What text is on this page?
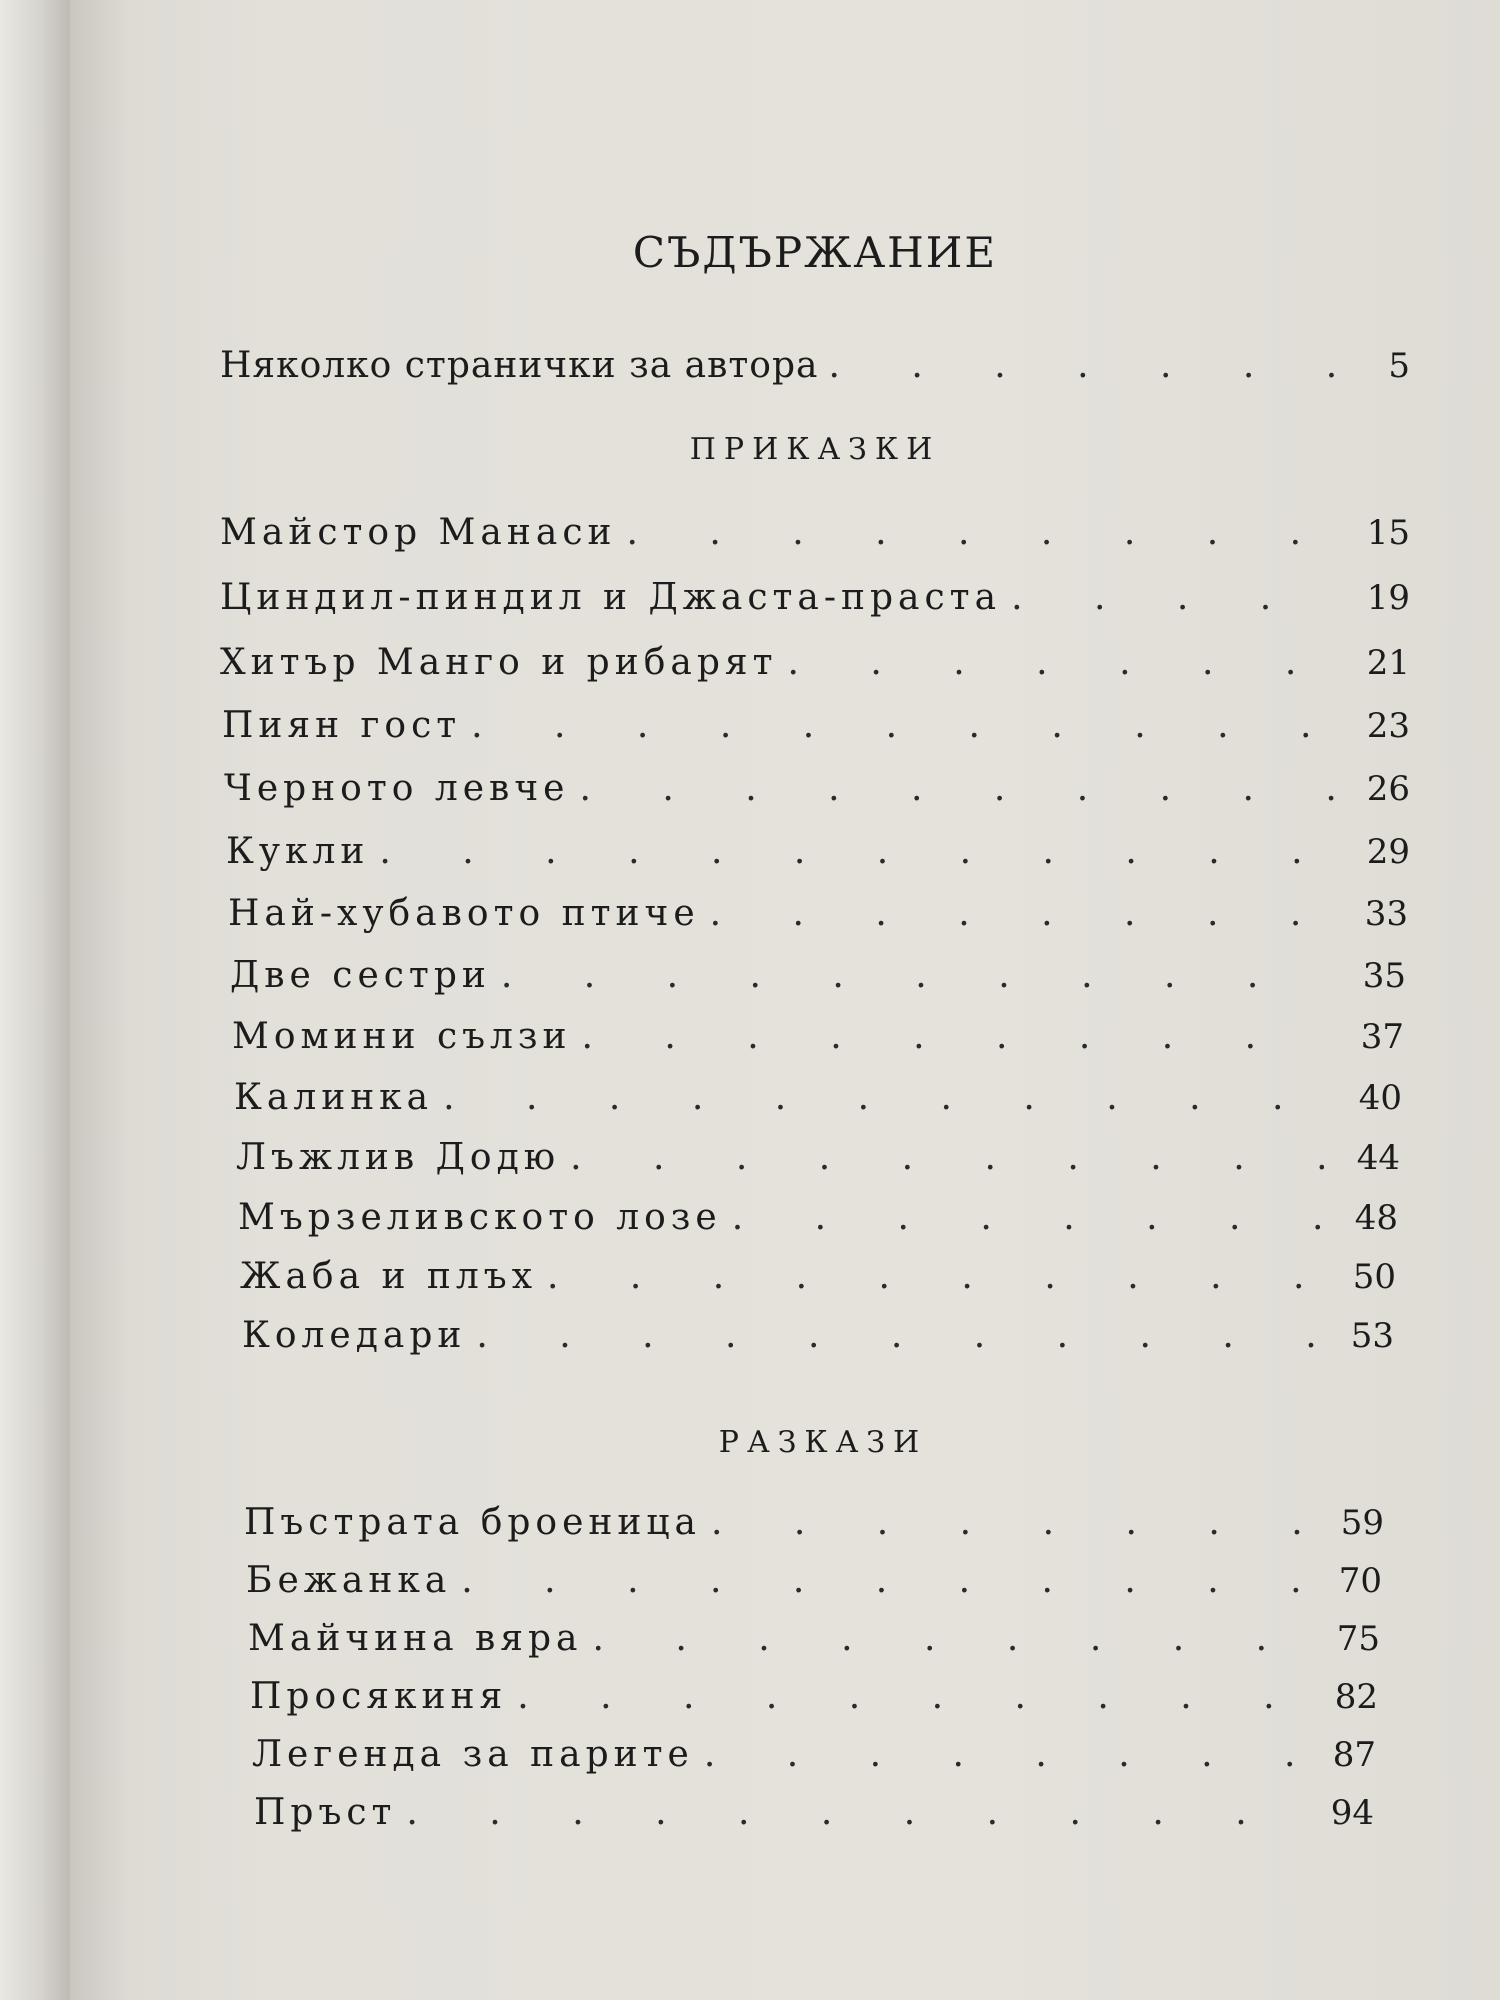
СЪДЪРЖАНИЕ
Няколко странички за автора . . .	5
ПРИКАЗКИ
Майстор Манаси . . .	15
Циндил-пиндил и Джаста-праста . . .	19
Хитър Манго и рибарят . . .	21
Пиян гост . . .	23
Черното левче . . .	26
Кукли . . .	29
Най-хубавото птиче . . .	33
Две сестри . . .	35
Момини сълзи . . .	37
Калинка . . .	40
Лъжлив Додю . . .	44
Мързеливското лозе . . .	48
Жаба и плъх . . .	50
Коледари . . .	53
РАЗКАЗИ
Пъстрата броеница . . .	59
Бежанка . . .	70
Майчина вяра . . .	75
Просякиня . . .	82
Легенда за парите . . .	87
Пръст . . .	94
